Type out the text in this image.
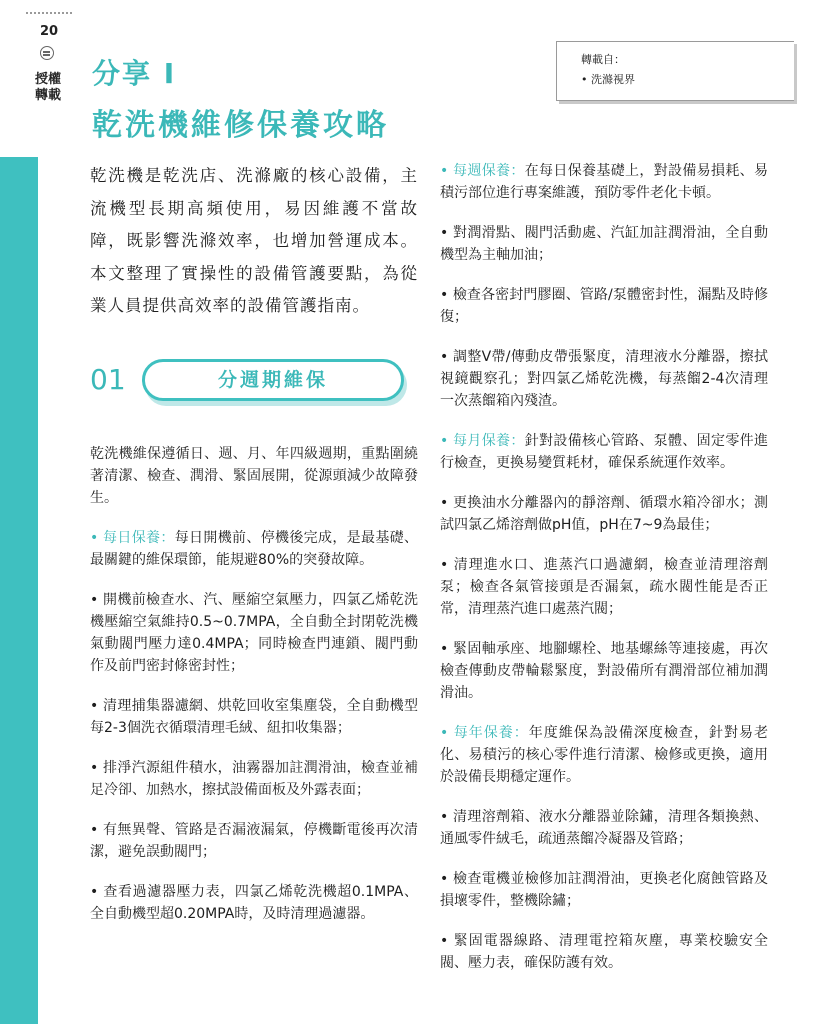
20
授權轉載
分享 I
乾洗機維修保養攻略
轉載自：
• 洗滌視界

乾洗機是乾洗店、洗滌廠的核心設備，主流機型長期高頻使用，易因維護不當故障，既影響洗滌效率，也增加營運成本。本文整理了實操性的設備管護要點，為從業人員提供高效率的設備管護指南。

01	分週期維保

乾洗機維保遵循日、週、月、年四級週期，重點圍繞著清潔、檢查、潤滑、緊固展開，從源頭減少故障發生。

• 每日保養：每日開機前、停機後完成，是最基礎、最關鍵的維保環節，能規避80%的突發故障。

• 開機前檢查水、汽、壓縮空氣壓力，四氯乙烯乾洗機壓縮空氣維持0.5~0.7MPA，全自動全封閉乾洗機氣動閥門壓力達0.4MPA；同時檢查門連鎖、閥門動作及前門密封條密封性；

• 清理捕集器濾網、烘乾回收室集塵袋，全自動機型每2-3個洗衣循環清理毛絨、紐扣收集器；

• 排淨汽源組件積水，油霧器加註潤滑油，檢查並補足冷卻、加熱水，擦拭設備面板及外露表面；

• 有無異聲、管路是否漏液漏氣，停機斷電後再次清潔，避免誤動閥門；

• 查看過濾器壓力表，四氯乙烯乾洗機超0.1MPA、全自動機型超0.20MPA時，及時清理過濾器。

• 每週保養：在每日保養基礎上，對設備易損耗、易積污部位進行專案維護，預防零件老化卡頓。

• 對潤滑點、閥門活動處、汽缸加註潤滑油，全自動機型為主軸加油；

• 檢查各密封門膠圈、管路/泵體密封性，漏點及時修復；

• 調整V帶/傳動皮帶張緊度，清理液水分離器，擦拭視鏡觀察孔；對四氯乙烯乾洗機，每蒸餾2-4次清理一次蒸餾箱內殘渣。

• 每月保養：針對設備核心管路、泵體、固定零件進行檢查，更換易變質耗材，確保系統運作效率。

• 更換油水分離器內的靜溶劑、循環水箱冷卻水；測試四氯乙烯溶劑做pH值，pH在7~9為最佳；

• 清理進水口、進蒸汽口過濾網，檢查並清理溶劑泵；檢查各氣管接頭是否漏氣，疏水閥性能是否正常，清理蒸汽進口處蒸汽閥；

• 緊固軸承座、地腳螺栓、地基螺絲等連接處，再次檢查傳動皮帶輪鬆緊度，對設備所有潤滑部位補加潤滑油。

• 每年保養：年度維保為設備深度檢查，針對易老化、易積污的核心零件進行清潔、檢修或更換，適用於設備長期穩定運作。

• 清理溶劑箱、液水分離器並除鏽，清理各類換熱、通風零件絨毛，疏通蒸餾冷凝器及管路；

• 檢查電機並檢修加註潤滑油，更換老化腐蝕管路及損壞零件，整機除鏽；

• 緊固電器線路、清理電控箱灰塵，專業校驗安全閥、壓力表，確保防護有效。
